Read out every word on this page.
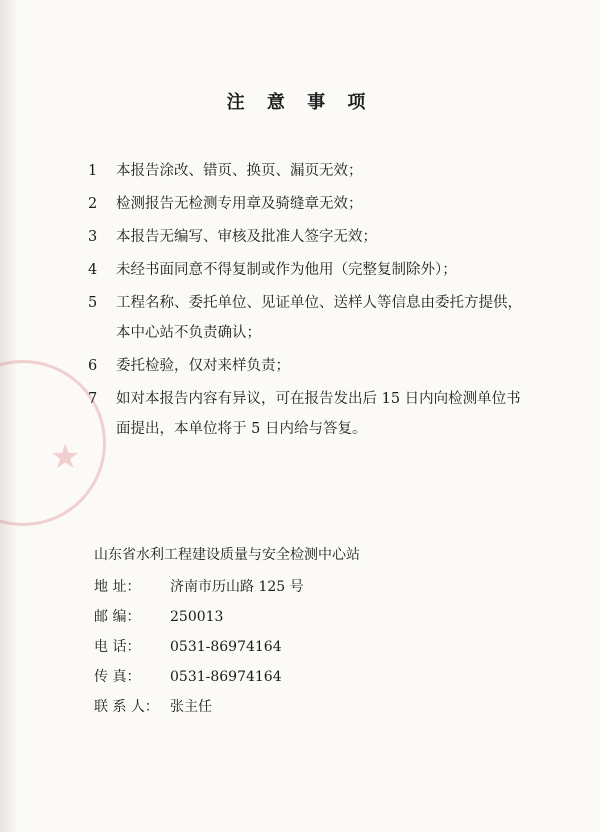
★
注 意 事 项
1	本报告涂改、错页、换页、漏页无效；
2	检测报告无检测专用章及骑缝章无效；
3	本报告无编写、审核及批准人签字无效；
4	未经书面同意不得复制或作为他用（完整复制除外）；
5	工程名称、委托单位、见证单位、送样人等信息由委托方提供，
本中心站不负责确认；
6	委托检验，仅对来样负责；
7	如对本报告内容有异议，可在报告发出后 15 日内向检测单位书
面提出，本单位将于 5 日内给与答复。
山东省水利工程建设质量与安全检测中心站
地 址：	济南市历山路 125 号
邮 编：	250013
电 话：	0531-86974164
传 真：	0531-86974164
联 系 人： 张主任
